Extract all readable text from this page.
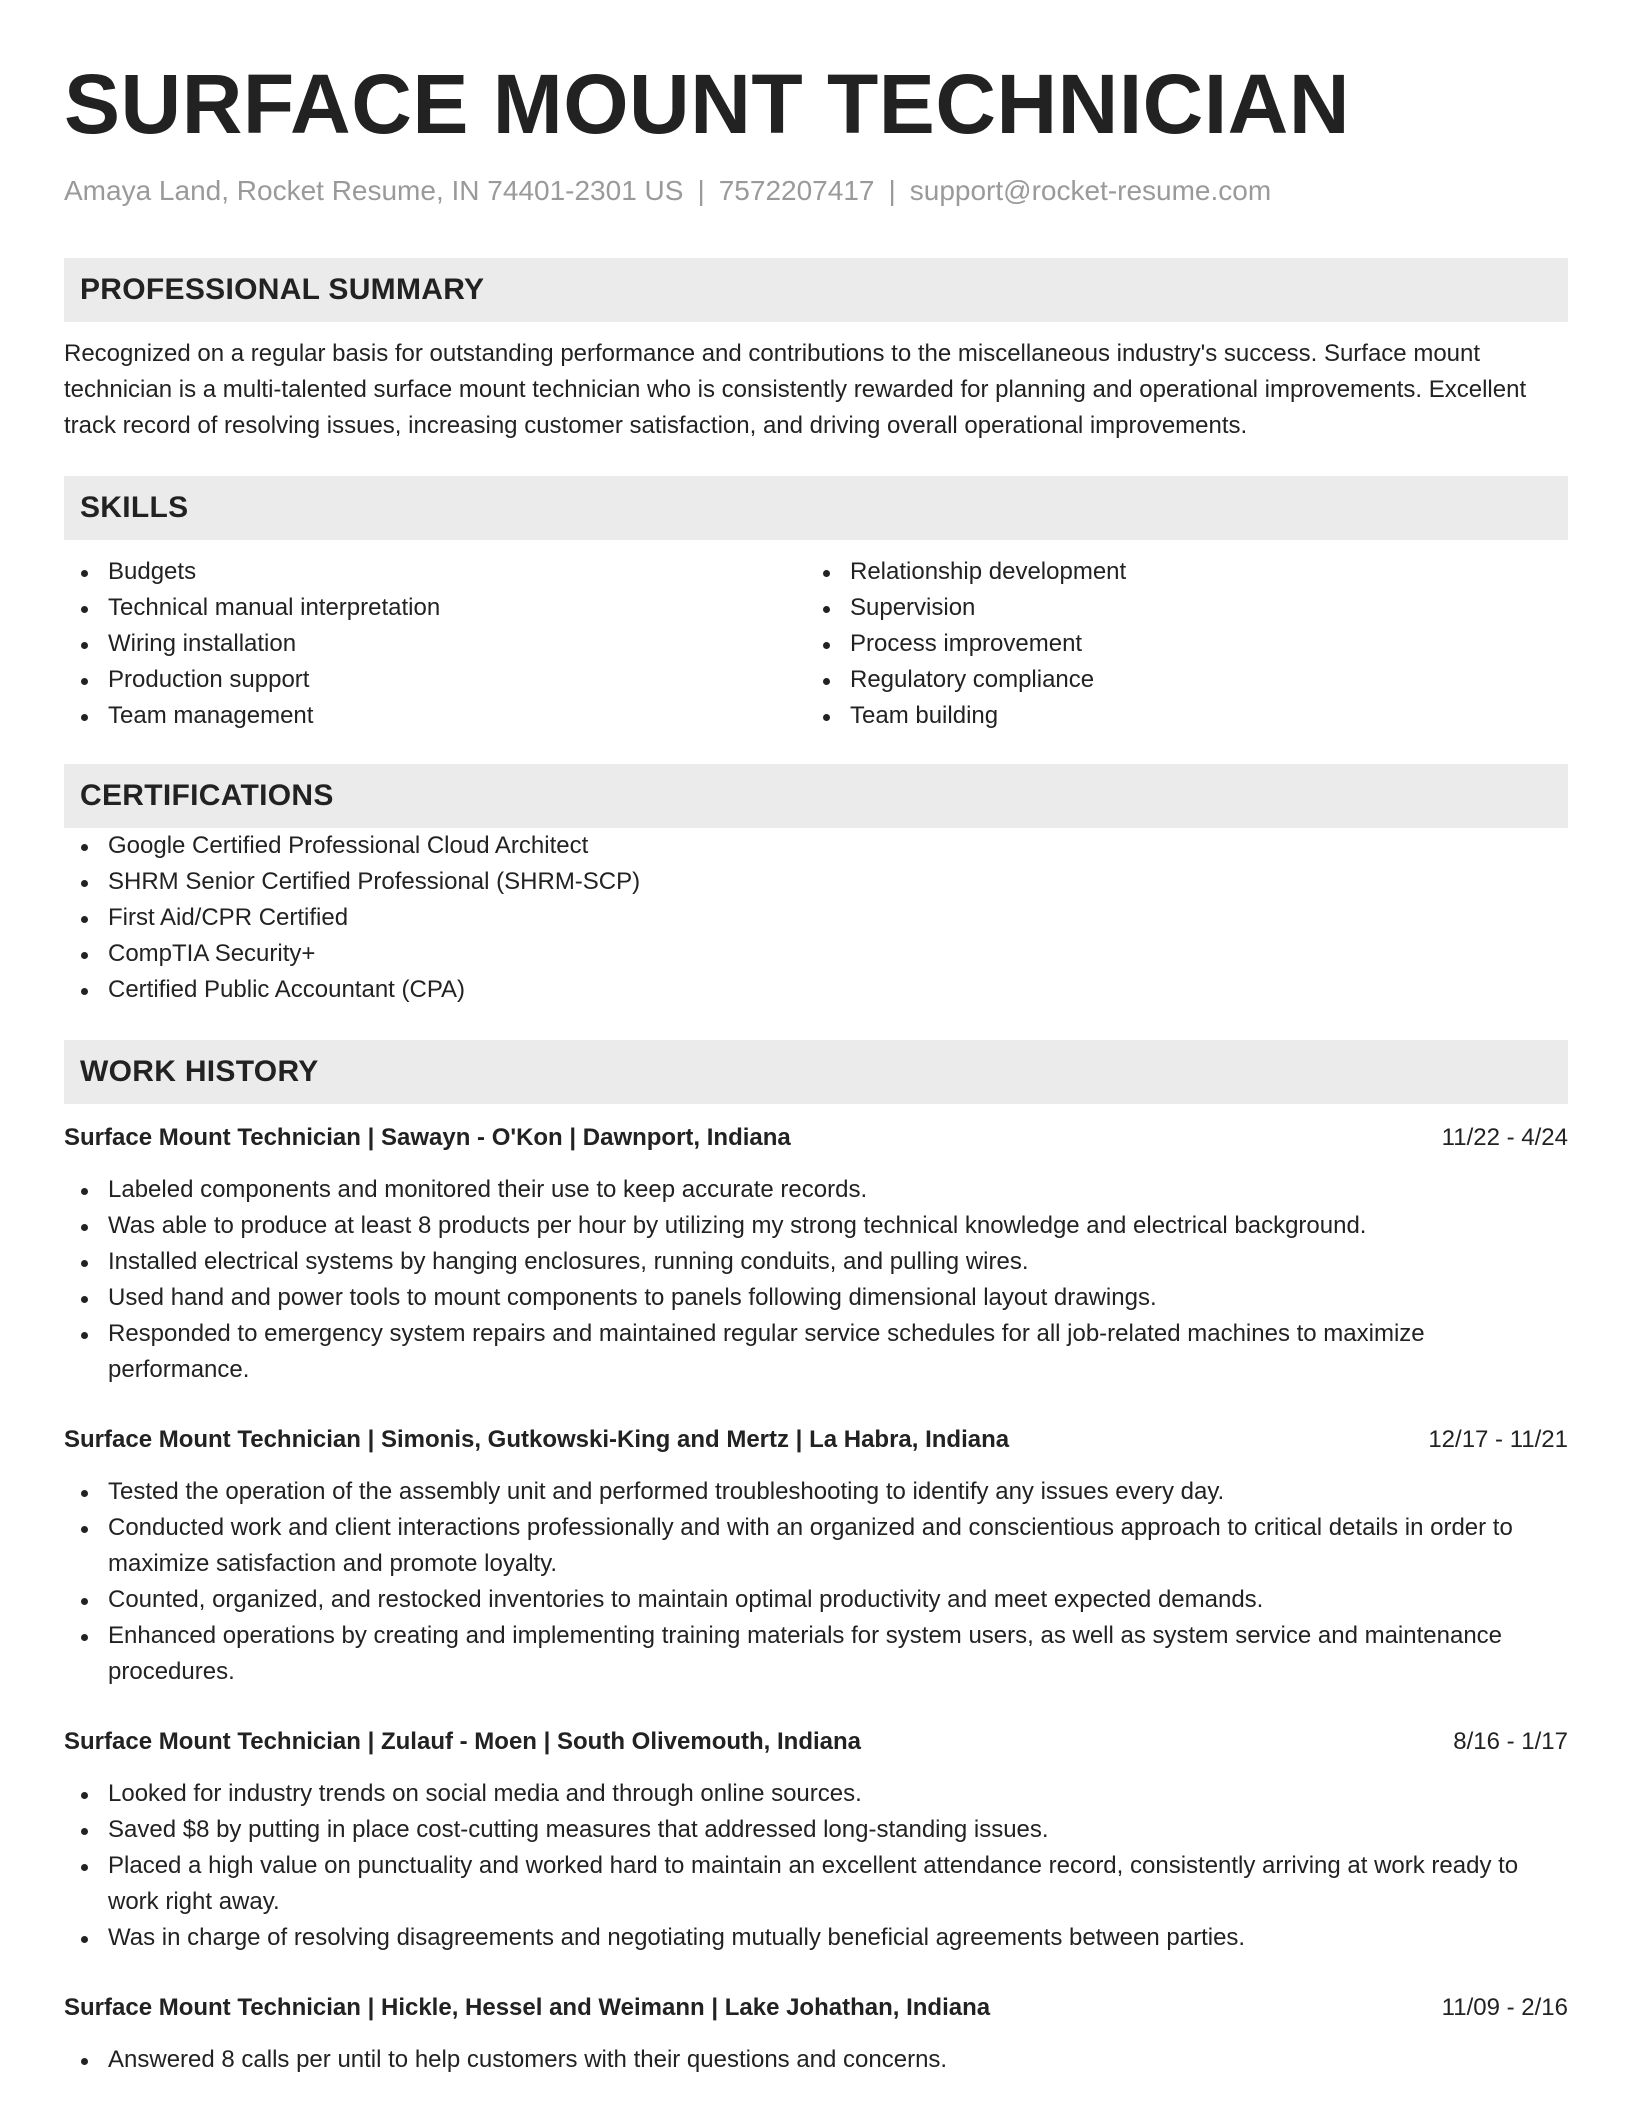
SURFACE MOUNT TECHNICIAN
Amaya Land, Rocket Resume, IN 74401-2301 US | 7572207417 | support@rocket-resume.com
PROFESSIONAL SUMMARY
Recognized on a regular basis for outstanding performance and contributions to the miscellaneous industry's success. Surface mount technician is a multi-talented surface mount technician who is consistently rewarded for planning and operational improvements. Excellent track record of resolving issues, increasing customer satisfaction, and driving overall operational improvements.
SKILLS
Budgets
Technical manual interpretation
Wiring installation
Production support
Team management
Relationship development
Supervision
Process improvement
Regulatory compliance
Team building
CERTIFICATIONS
Google Certified Professional Cloud Architect
SHRM Senior Certified Professional (SHRM-SCP)
First Aid/CPR Certified
CompTIA Security+
Certified Public Accountant (CPA)
WORK HISTORY
Surface Mount Technician | Sawayn - O'Kon | Dawnport, Indiana	11/22 - 4/24
Labeled components and monitored their use to keep accurate records.
Was able to produce at least 8 products per hour by utilizing my strong technical knowledge and electrical background.
Installed electrical systems by hanging enclosures, running conduits, and pulling wires.
Used hand and power tools to mount components to panels following dimensional layout drawings.
Responded to emergency system repairs and maintained regular service schedules for all job-related machines to maximize performance.
Surface Mount Technician | Simonis, Gutkowski-King and Mertz | La Habra, Indiana	12/17 - 11/21
Tested the operation of the assembly unit and performed troubleshooting to identify any issues every day.
Conducted work and client interactions professionally and with an organized and conscientious approach to critical details in order to maximize satisfaction and promote loyalty.
Counted, organized, and restocked inventories to maintain optimal productivity and meet expected demands.
Enhanced operations by creating and implementing training materials for system users, as well as system service and maintenance procedures.
Surface Mount Technician | Zulauf - Moen | South Olivemouth, Indiana	8/16 - 1/17
Looked for industry trends on social media and through online sources.
Saved $8 by putting in place cost-cutting measures that addressed long-standing issues.
Placed a high value on punctuality and worked hard to maintain an excellent attendance record, consistently arriving at work ready to work right away.
Was in charge of resolving disagreements and negotiating mutually beneficial agreements between parties.
Surface Mount Technician | Hickle, Hessel and Weimann | Lake Johathan, Indiana	11/09 - 2/16
Answered 8 calls per until to help customers with their questions and concerns.
